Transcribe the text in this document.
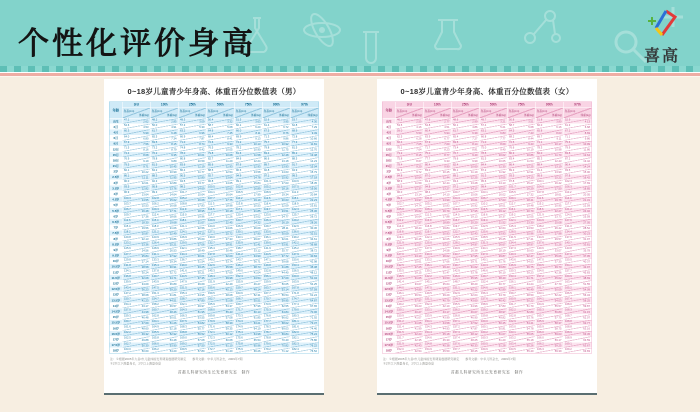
个性化评价身高	喜高
0~18岁儿童青少年身高、体重百分位数值表（男）
年龄
3rd
身高(cm)
体重(kg)
10th
身高(cm)
体重(kg)
25th
身高(cm)
体重(kg)
50th
身高(cm)
体重(kg)
75th
身高(cm)
体重(kg)
90th
身高(cm)
体重(kg)
97th
身高(cm)
体重(kg)
出生
47.1
2.62
48.2
2.85
49.3
3.09
50.4
3.32
51.5
3.63
52.6
3.95
53.7
4.30
2月
54.6
4.53
56.0
4.91
57.3
5.30
58.7
5.68
60.1
6.20
61.4
6.72
62.8
7.29
4月
60.3
5.99
61.7
6.48
63.2
6.96
64.6
7.45
66.0
8.11
67.5
8.76
68.9
9.49
6月
64.0
6.80
65.5
7.34
66.9
7.87
68.4
8.41
69.9
9.13
71.3
9.86
72.8
10.66
9月
67.9
7.56
69.5
8.15
71.0
8.74
72.6
9.33
74.2
10.13
75.7
10.92
77.3
11.81
12月
71.5
8.16
73.2
8.79
74.8
9.42
76.5
10.05
78.2
10.90
79.8
11.75
81.5
12.70
15月
74.4
8.68
76.2
9.35
78.0
10.01
79.8
10.68
81.6
11.58
83.4
12.48
85.2
13.48
18月
76.9
9.19
78.8
9.89
80.8
10.59
82.7
11.29
84.6
12.24
86.6
13.18
88.5
14.23
21月
79.5
9.71
81.5
10.45
83.6
11.19
85.6
11.93
87.6
12.93
89.7
13.93
91.7
15.04
2岁
82.1
10.22
84.2
10.99
86.4
11.77
88.5
12.54
90.6
13.58
92.8
14.63
94.9
15.79
2.5岁
86.1
11.11
88.3
11.95
90.5
12.80
92.7
13.64
94.9
14.78
97.1
15.92
99.3
17.18
3岁
90.0
12.01
92.3
12.89
94.5
13.77
96.8
14.65
99.1
15.84
101.3
17.03
103.6
18.35
3.5岁
93.5
12.82
95.8
13.76
98.2
14.69
100.5
15.63
102.8
16.89
105.2
18.16
107.5
19.56
4岁
96.9
13.64
99.3
14.64
101.7
15.64
104.1
16.64
106.5
17.99
108.9
19.34
111.3
20.84
4.5岁
100.3
14.55
102.8
15.62
105.2
16.68
107.7
17.75
110.2
19.19
112.6
20.63
115.1
22.23
5岁
103.7
15.53
106.2
16.68
108.8
17.83
111.3
18.98
113.8
20.53
116.4
22.09
118.9
23.81
5.5岁
106.7
16.48
109.3
17.71
111.9
18.95
114.5
20.18
117.1
21.85
119.7
23.51
122.3
25.36
6岁
109.7
17.36
112.4
18.66
115.0
19.96
117.7
21.26
120.4
23.02
123.0
24.77
125.7
26.72
6.5岁
112.6
18.30
115.4
19.68
118.1
21.07
120.9
22.45
123.7
24.32
126.4
26.19
129.2
28.26
7岁
115.4
19.56
118.3
21.06
121.1
22.56
124.0
24.06
126.9
26.09
129.7
28.11
132.6
30.36
7.5岁
118.2
20.87
121.2
22.49
124.1
24.10
127.1
25.72
130.1
27.90
133.0
30.09
136.0
32.51
8岁
120.8
22.13
123.9
23.86
126.9
25.60
130.0
27.33
133.1
29.67
136.1
32.01
139.2
34.61
8.5岁
123.2
23.36
126.4
25.21
129.5
27.06
132.7
28.91
135.9
31.41
139.0
33.91
142.2
36.68
9岁
125.6
24.56
128.9
26.53
132.1
28.49
135.4
30.46
138.7
33.12
141.9
35.77
145.2
38.72
9.5岁
127.7
25.84
131.1
27.92
134.4
30.01
137.8
32.09
141.2
34.90
144.5
37.72
147.9
40.84
10岁
129.8
27.14
133.3
29.34
136.7
31.54
140.2
33.74
143.7
36.71
147.1
39.68
150.6
42.98
10.5岁
131.8
28.58
135.4
30.91
139.0
33.25
142.6
35.58
146.2
38.73
149.8
41.88
153.4
45.38
11岁
134.1
30.24
137.8
32.72
141.6
35.21
145.3
37.69
149.0
41.04
152.8
44.40
156.5
48.12
11.5岁
136.8
32.08
140.7
34.71
144.5
37.35
148.4
39.98
152.3
43.54
156.1
47.09
160.0
51.04
12岁
139.9
34.09
143.9
36.89
147.9
39.69
151.9
42.49
155.9
46.27
159.9
50.05
163.9
54.25
12.5岁
143.4
36.23
147.5
39.20
151.5
42.16
155.6
45.13
159.7
49.14
163.7
53.14
167.8
57.59
13岁
147.2
38.68
151.3
41.81
155.4
44.95
159.5
48.08
163.6
52.31
167.7
56.54
171.8
61.24
13.5岁
150.7
41.23
154.7
44.51
158.7
47.80
162.7
51.08
166.7
55.51
170.7
59.95
174.7
64.87
14岁
154.4
43.17
158.2
46.57
162.1
49.97
165.9
53.37
169.7
57.96
173.6
62.55
177.4
67.65
14.5岁
157.0
44.98
160.7
48.46
164.3
51.95
168.0
55.43
171.7
60.13
175.3
64.84
179.0
70.06
15岁
159.3
46.48
162.8
50.01
166.3
53.55
169.8
57.08
173.3
61.85
176.8
66.62
180.3
71.92
15.5岁
160.7
47.69
164.1
51.26
167.5
54.82
170.9
58.39
174.3
63.21
177.7
68.02
181.1
73.37
16岁
161.6
48.60
164.9
52.18
168.3
55.77
171.6
59.35
174.9
64.19
178.3
69.03
181.6
74.40
16.5岁
162.2
49.32
165.5
52.92
168.8
56.52
172.1
60.12
175.4
64.98
178.7
69.84
182.0
75.24
17岁
162.5
49.88
165.8
53.48
169.0
57.08
172.3
60.68
175.6
65.54
178.8
70.40
182.1
75.80
17.5岁
162.7
50.30
166.0
53.90
169.2
57.50
172.5
61.10
175.8
65.96
179.0
70.82
182.3
76.22
18岁
163.0
50.60
166.2
54.20
169.5
57.80
172.7
61.40
175.9
66.26
179.2
71.12
182.4
76.52
注：①根据2005年九省/市儿童体格发育调查数据研究制定　　参考文献：中华儿科杂志，2009年7期
②2岁以下测量身长，2岁以上测量身高
首都儿科研究所生长发育研究室　制作
0~18岁儿童青少年身高、体重百分位数值表（女）
年龄
3rd
身高(cm)
体重(kg)
10th
身高(cm)
体重(kg)
25th
身高(cm)
体重(kg)
50th
身高(cm)
体重(kg)
75th
身高(cm)
体重(kg)
90th
身高(cm)
体重(kg)
97th
身高(cm)
体重(kg)
出生
46.5
2.55
47.6
2.77
48.6
2.99
49.7
3.21
50.8
3.51
51.8
3.80
52.9
4.13
2月
53.5
4.16
54.8
4.51
56.1
4.86
57.4
5.21
58.7
5.68
60.0
6.16
61.3
6.68
4月
59.0
5.50
60.4
5.94
61.7
6.39
63.1
6.83
64.5
7.43
65.8
8.03
67.2
8.69
6月
62.5
6.28
63.9
6.77
65.4
7.27
66.8
7.77
68.2
8.44
69.7
9.11
71.1
9.86
9月
66.4
7.05
67.9
7.60
69.5
8.14
71.0
8.69
72.5
9.43
74.1
10.17
75.6
10.99
12月
70.1
7.64
71.7
8.23
73.4
8.81
75.0
9.40
76.6
10.19
78.3
10.98
79.9
11.86
15月
73.2
8.15
75.0
8.77
76.7
9.40
78.5
10.02
80.3
10.86
82.0
11.70
83.8
12.64
18月
75.8
8.67
77.7
9.33
79.6
9.99
81.5
10.65
83.4
11.54
85.3
12.43
87.2
13.42
21月
78.4
9.20
80.4
9.90
82.4
10.60
84.4
11.30
86.4
12.25
88.4
13.19
90.4
14.24
2岁
80.9
9.72
83.0
10.45
85.1
11.19
87.2
11.92
89.3
12.91
91.4
13.90
93.5
15.00
2.5岁
84.8
10.64
87.0
11.44
89.1
12.25
91.3
13.05
93.5
14.13
95.6
15.22
97.8
16.42
3岁
88.9
11.59
91.1
12.44
93.4
13.28
95.6
14.13
97.8
15.27
100.1
16.42
102.3
17.69
3.5岁
92.5
12.37
94.8
13.27
97.1
14.17
99.4
15.07
101.7
16.29
104.0
17.50
106.3
18.85
4岁
96.0
13.14
98.4
14.10
100.7
15.06
103.1
16.02
105.5
17.32
107.8
18.61
110.2
20.05
4.5岁
99.4
13.97
101.8
14.99
104.3
16.01
106.7
17.03
109.1
18.41
111.6
19.78
114.0
21.31
5岁
102.7
14.74
105.2
15.83
107.7
16.92
110.2
18.01
112.7
19.48
115.2
20.95
117.7
22.59
5.5岁
105.8
15.62
108.4
16.79
110.9
17.95
113.5
19.12
116.1
20.70
118.6
22.27
121.2
24.02
6岁
108.7
16.64
111.3
17.88
114.0
19.13
116.6
20.37
119.2
22.05
121.9
23.73
124.5
25.59
6.5岁
111.2
17.57
113.9
18.89
116.7
20.20
119.4
21.52
122.1
23.30
124.9
25.08
127.6
27.05
7岁
114.0
18.44
116.8
19.84
119.7
21.24
122.5
22.64
125.3
24.53
128.2
26.42
131.0
28.52
7.5岁
116.8
19.43
119.7
20.93
122.7
22.43
125.6
23.93
128.5
25.96
131.5
27.98
134.4
30.23
8岁
119.4
20.45
122.4
22.05
125.5
23.65
128.5
25.25
131.5
27.41
134.6
29.57
137.6
31.97
8.5岁
121.9
21.57
125.0
23.27
128.2
24.97
131.3
26.67
134.4
28.97
137.6
31.26
140.7
33.81
9岁
124.4
22.77
127.6
24.58
130.9
26.38
134.1
28.19
137.3
30.63
140.6
33.07
143.8
35.78
9.5岁
127.0
24.10
130.3
26.02
133.7
27.95
137.0
29.87
140.3
32.47
143.7
35.06
147.0
37.95
10岁
129.7
25.61
133.2
27.66
136.6
29.71
140.1
31.76
143.6
34.53
147.0
37.30
150.5
40.37
10.5岁
132.5
27.25
136.1
29.43
139.7
31.62
143.3
33.80
146.9
36.75
150.5
39.70
154.1
42.97
11岁
135.5
29.15
139.2
31.47
142.9
33.78
146.6
36.10
150.3
39.23
154.0
42.36
157.7
45.83
11.5岁
138.5
31.05
142.2
33.50
146.0
35.95
149.7
38.40
153.4
41.71
157.2
45.02
160.9
48.69
12岁
141.4
33.07
145.1
35.64
148.7
38.20
152.4
40.77
156.1
44.24
159.7
47.70
163.4
51.55
12.5岁
144.0
34.89
147.5
37.56
151.1
40.22
154.6
42.89
158.1
46.49
161.7
50.09
165.2
54.09
13岁
146.1
36.54
149.5
39.29
152.9
42.04
156.3
44.79
159.7
48.50
163.1
52.22
166.5
56.34
13.5岁
147.8
37.97
151.1
40.79
154.3
43.60
157.6
46.42
160.9
50.22
164.1
54.03
167.4
58.25
14岁
149.2
39.23
152.3
42.10
155.5
44.96
158.6
47.83
161.7
51.70
164.9
55.57
168.0
59.87
14.5岁
150.1
40.27
153.1
43.17
156.2
46.07
159.2
48.97
162.2
52.89
165.3
56.80
168.3
61.15
15岁
150.9
41.07
153.9
43.99
156.8
46.90
159.8
49.82
162.8
53.76
165.7
57.70
168.7
62.07
15.5岁
151.2
41.65
154.1
44.58
157.1
47.52
160.0
50.45
162.9
54.41
165.9
58.37
168.8
62.77
16岁
151.4
41.99
154.3
44.93
157.2
47.87
160.1
50.81
163.0
54.78
165.9
58.75
168.8
63.16
16.5岁
151.5
42.23
154.4
45.18
157.3
48.12
160.2
51.07
163.1
55.05
166.0
59.03
168.9
63.45
17岁
151.7
42.35
154.6
45.30
157.4
48.25
160.3
51.20
163.2
55.18
166.0
59.17
168.9
63.59
17.5岁
151.9
42.43
154.8
45.38
157.6
48.33
160.5
51.28
163.4
55.26
166.2
59.25
169.1
63.67
18岁
152.0
42.54
154.9
45.50
157.7
48.45
160.6
51.41
163.5
55.40
166.3
59.39
169.2
63.83
注：①根据2005年九省/市儿童体格发育调查数据研究制定　　参考文献：中华儿科杂志，2009年7期
②2岁以下测量身长，2岁以上测量身高
首都儿科研究所生长发育研究室　制作
